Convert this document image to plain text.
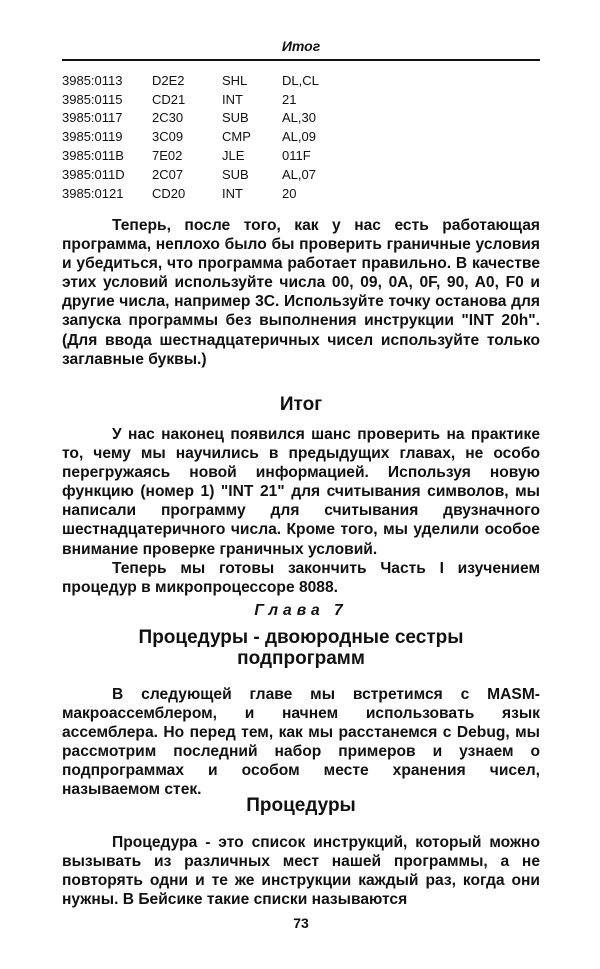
Итог
3985:0113	D2E2	SHL	DL,CL
3985:0115	CD21	INT	21
3985:0117	2C30	SUB	AL,30
3985:0119	3C09	CMP	AL,09
3985:011B	7E02	JLE	011F
3985:011D	2C07	SUB	AL,07
3985:0121	CD20	INT	20

Теперь, после того, как у нас есть работающая программа, неплохо было бы проверить граничные условия и убедиться, что программа работает правильно. В качестве этих условий используйте числа 00, 09, 0A, 0F, 90, A0, F0 и другие числа, например 3C. Используйте точку останова для запуска программы без выполнения инструкции "INT 20h". (Для ввода шестнадцатеричных чисел используйте только заглавные буквы.)

Итог

У нас наконец появился шанс проверить на практике то, чему мы научились в предыдущих главах, не особо перегружаясь новой информацией. Используя новую функцию (номер 1) "INT 21" для считывания символов, мы написали программу для считывания двузначного шестнадцатеричного числа. Кроме того, мы уделили особое внимание проверке граничных условий.

Теперь мы готовы закончить Часть I изучением процедур в микропроцессоре 8088.

Глава 7
Процедуры - двоюродные сестры
подпрограмм

В следующей главе мы встретимся с MASM-макроассемблером, и начнем использовать язык ассемблера. Но перед тем, как мы расстанемся с Debug, мы рассмотрим последний набор примеров и узнаем о подпрограммах и особом месте хранения чисел, называемом стек.

Процедуры

Процедура - это список инструкций, который можно вызывать из различных мест нашей программы, а не повторять одни и те же инструкции каждый раз, когда они нужны. В Бейсике такие списки называются

73
